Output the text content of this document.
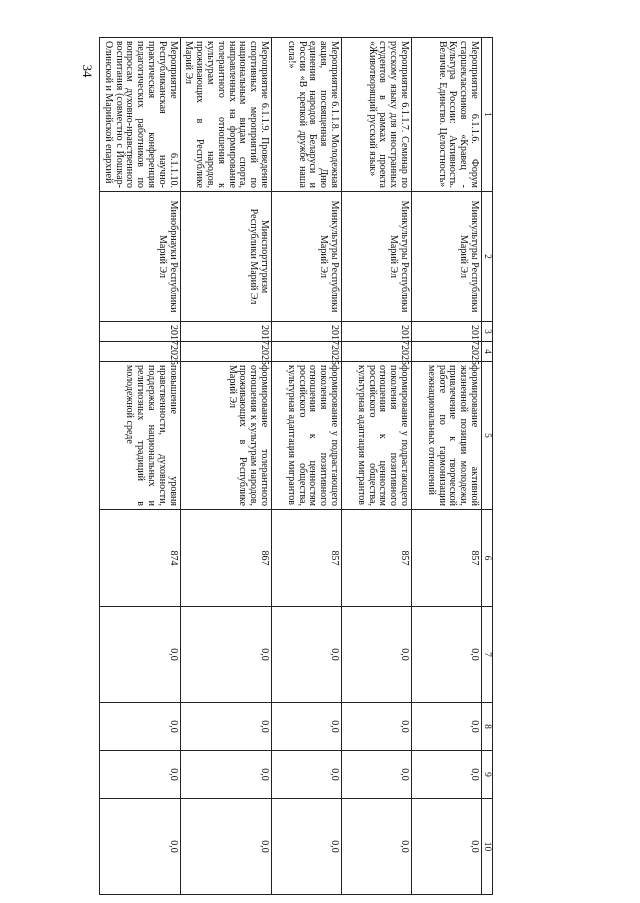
34
1	2	3	4	5	6	7	8	9	10
Мероприятие 6.1.1.6. Форум старшеклассников «Кравец - Культура России: Активность. Величие. Единство. Целостность»	Минкультуры Республики Марий Эл	2017	2025	формирование активной жизненной позиции молодежи, привлечение к творческой работе по гармонизации межнациональных отношений	857	0,0	0,0	0,0	0,0
Мероприятие 6.1.1.7. Семинар по русскому языку для иностранных студентов в рамках проекта «Животворящий русский язык»	Минкультуры Республики Марий Эл	2017	2025	формирование у подрастающего поколения позитивного отношения к ценностям российского общества, культурная адаптация мигрантов	857	0,0	0,0	0,0	0,0
Мероприятие 6.1.1.8. Молодежная акция, посвященная Дню единения народов Беларуси и России «В крепкой дружбе наша сила!»	Минкультуры Республики Марий Эл	2017	2025	формирование у подрастающего поколения позитивного отношения к ценностям российского общества, культурная адаптация мигрантов	857	0,0	0,0	0,0	0,0
Мероприятие 6.1.1.9. Проведение спортивных мероприятий по национальным видам спорта, направленных на формирование толерантного отношения к культурам народов, проживающих в Республике Марий Эл	Минспорттуризм Республики Марий Эл	2017	2025	формирование толерантного отношения к культурам народов, проживающих в Республике Марий Эл	867	0,0	0,0	0,0	0,0
Мероприятие 6.1.1.10. Республиканская научно-практическая конференция педагогических работников по вопросам духовно-нравственного воспитания (совместно с Йошкар-Олинской и Марийской епархией	Минобрнауки Республики Марий Эл	2017	2025	повышение уровня нравственности, духовности, поддержка национальных и религиозных традиций в молодежной среде	874	0,0	0,0	0,0	0,0
